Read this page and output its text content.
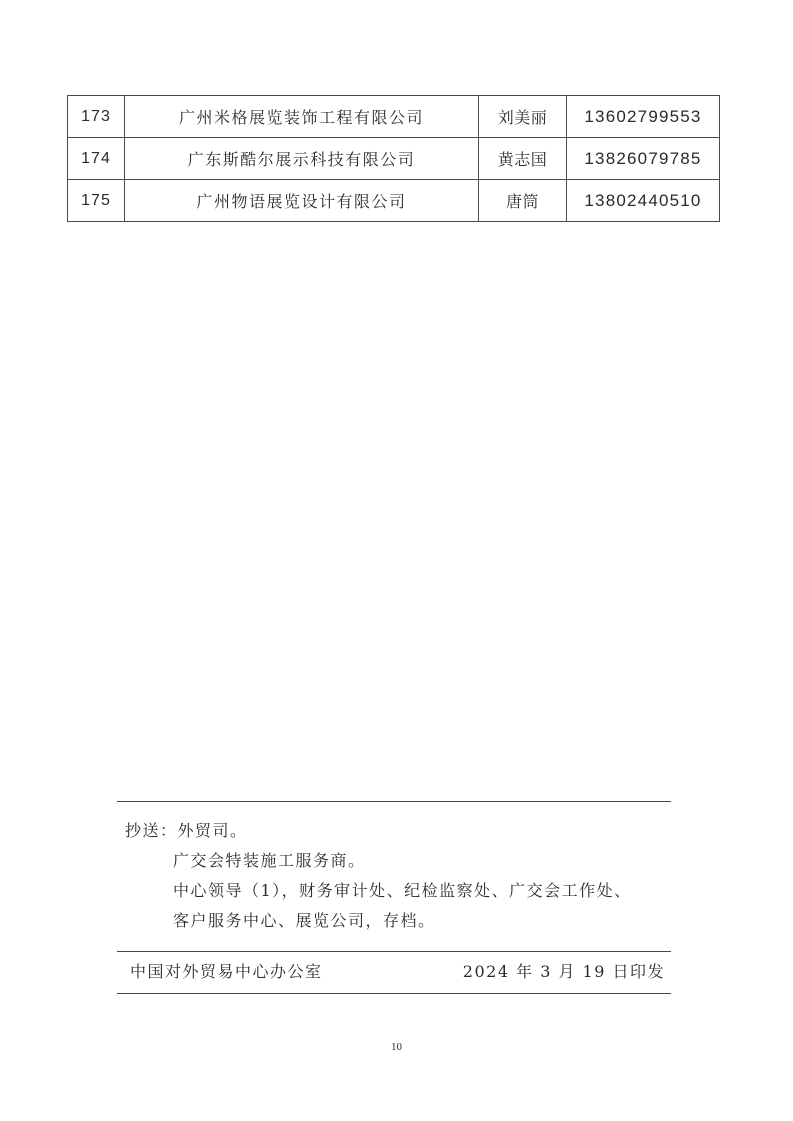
173	广州米格展览装饰工程有限公司	刘美丽	13602799553
174	广东斯酷尔展示科技有限公司	黄志国	13826079785
175	广州物语展览设计有限公司	唐筒	13802440510
抄送：外贸司。
广交会特装施工服务商。
中心领导（1），财务审计处、纪检监察处、广交会工作处、
客户服务中心、展览公司，存档。
中国对外贸易中心办公室	2024 年 3 月 19 日印发
10
